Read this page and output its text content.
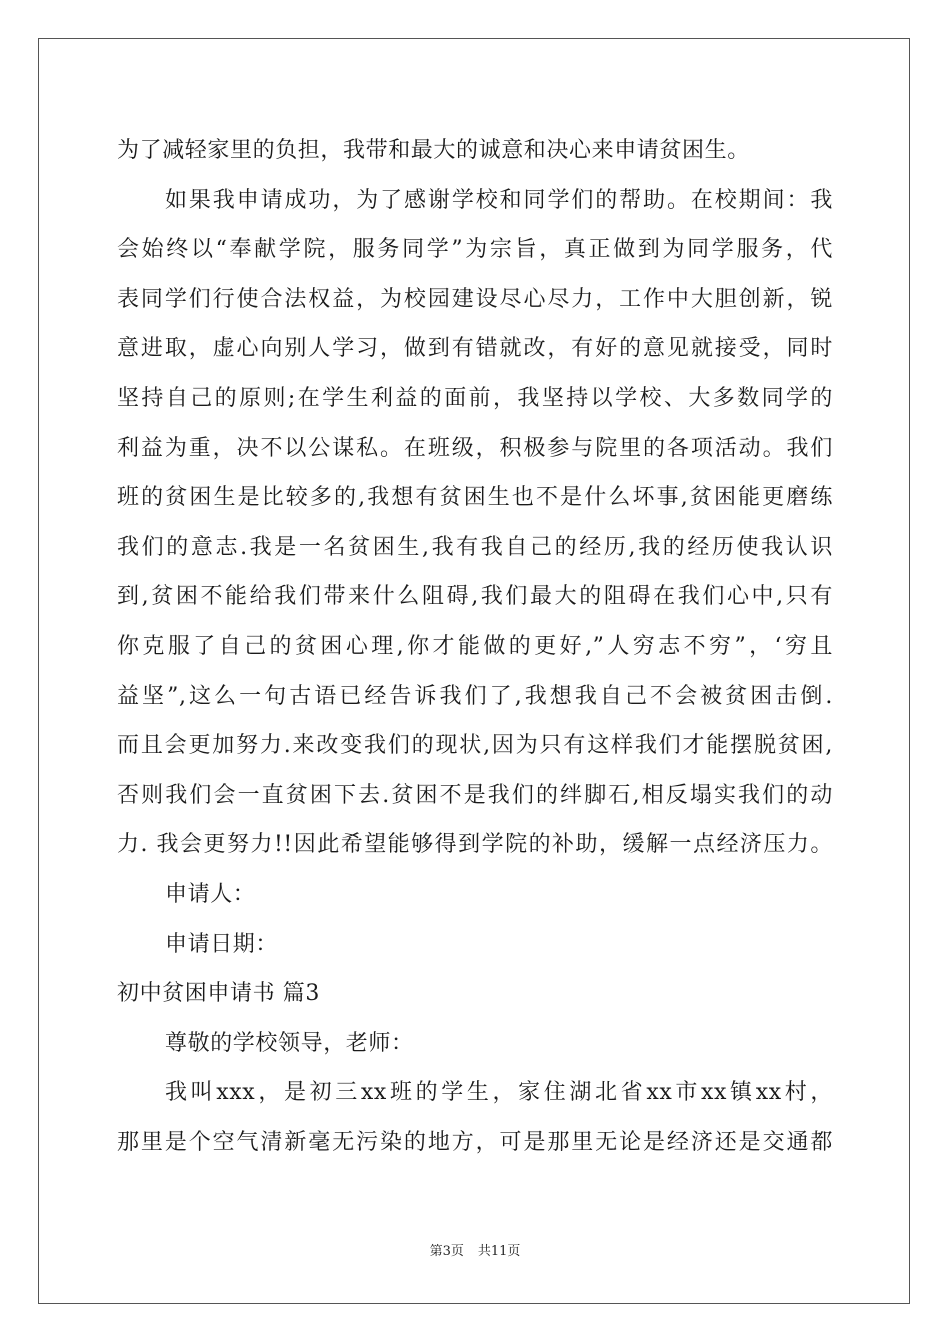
为了减轻家里的负担，我带和最大的诚意和决心来申请贫困生。
如果我申请成功，为了感谢学校和同学们的帮助。在校期间：我
会始终以“奉献学院，服务同学”为宗旨，真正做到为同学服务，代
表同学们行使合法权益，为校园建设尽心尽力，工作中大胆创新，锐
意进取，虚心向别人学习，做到有错就改，有好的意见就接受，同时
坚持自己的原则;在学生利益的面前，我坚持以学校、大多数同学的
利益为重，决不以公谋私。在班级，积极参与院里的各项活动。我们
班的贫困生是比较多的,我想有贫困生也不是什么坏事,贫困能更磨练
我们的意志.我是一名贫困生,我有我自己的经历,我的经历使我认识
到,贫困不能给我们带来什么阻碍,我们最大的阻碍在我们心中,只有
你克服了自己的贫困心理,你才能做的更好,”人穷志不穷”，‘穷且
益坚”,这么一句古语已经告诉我们了,我想我自己不会被贫困击倒.
而且会更加努力.来改变我们的现状,因为只有这样我们才能摆脱贫困,
否则我们会一直贫困下去.贫困不是我们的绊脚石,相反塌实我们的动
力. 我会更努力!!因此希望能够得到学院的补助，缓解一点经济压力。
申请人：
申请日期：
初中贫困申请书 篇3
尊敬的学校领导，老师：
我叫xxx，是初三xx班的学生，家住湖北省xx市xx镇xx村，
那里是个空气清新毫无污染的地方，可是那里无论是经济还是交通都
第3页 共11页
